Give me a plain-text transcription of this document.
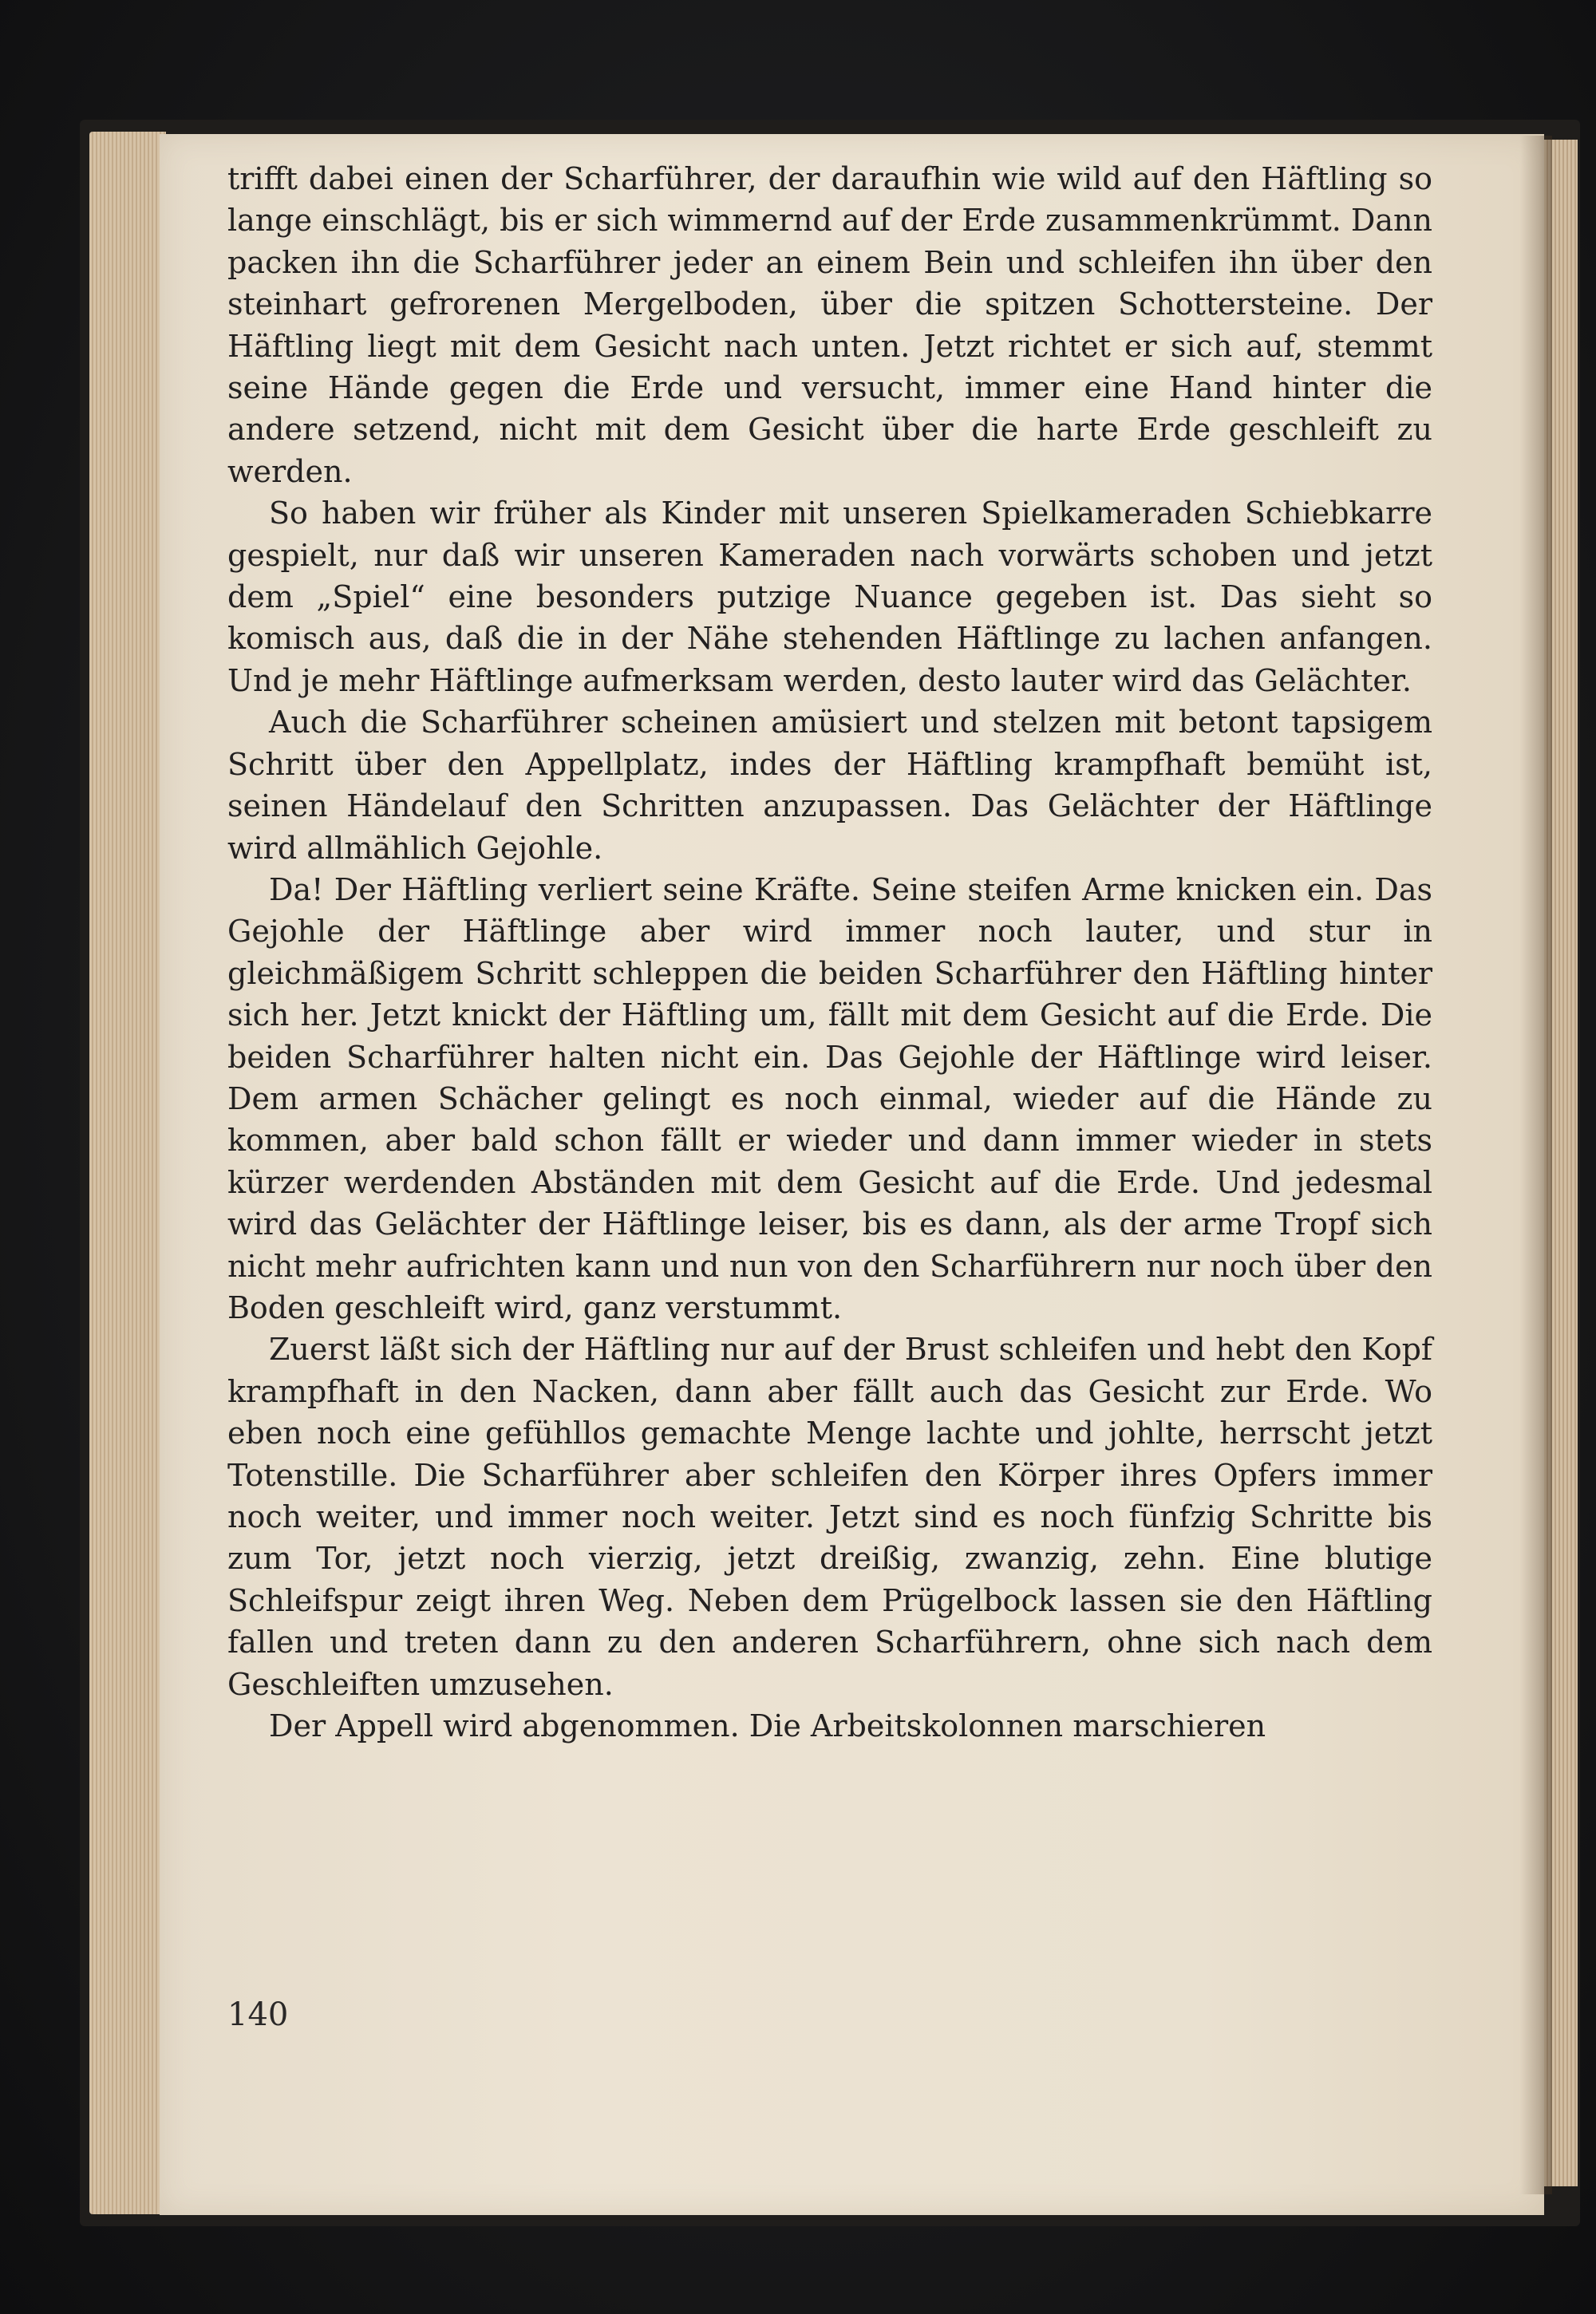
trifft dabei einen der Scharführer, der daraufhin wie wild auf den Häftling so lange einschlägt, bis er sich wimmernd auf der Erde zusammenkrümmt. Dann packen ihn die Scharführer jeder an einem Bein und schleifen ihn über den steinhart gefrorenen Mergelboden, über die spitzen Schottersteine. Der Häftling liegt mit dem Gesicht nach unten. Jetzt richtet er sich auf, stemmt seine Hände gegen die Erde und versucht, immer eine Hand hinter die andere setzend, nicht mit dem Gesicht über die harte Erde geschleift zu werden.

So haben wir früher als Kinder mit unseren Spielkameraden Schiebkarre gespielt, nur daß wir unseren Kameraden nach vorwärts schoben und jetzt dem „Spiel“ eine besonders putzige Nuance gegeben ist. Das sieht so komisch aus, daß die in der Nähe stehenden Häftlinge zu lachen anfangen. Und je mehr Häftlinge aufmerksam werden, desto lauter wird das Gelächter.

Auch die Scharführer scheinen amüsiert und stelzen mit betont tapsigem Schritt über den Appellplatz, indes der Häftling krampfhaft bemüht ist, seinen Händelauf den Schritten anzupassen. Das Gelächter der Häftlinge wird allmählich Gejohle.

Da! Der Häftling verliert seine Kräfte. Seine steifen Arme knicken ein. Das Gejohle der Häftlinge aber wird immer noch lauter, und stur in gleichmäßigem Schritt schleppen die beiden Scharführer den Häftling hinter sich her. Jetzt knickt der Häftling um, fällt mit dem Gesicht auf die Erde. Die beiden Scharführer halten nicht ein. Das Gejohle der Häftlinge wird leiser. Dem armen Schächer gelingt es noch einmal, wieder auf die Hände zu kommen, aber bald schon fällt er wieder und dann immer wieder in stets kürzer werdenden Abständen mit dem Gesicht auf die Erde. Und jedesmal wird das Gelächter der Häftlinge leiser, bis es dann, als der arme Tropf sich nicht mehr aufrichten kann und nun von den Scharführern nur noch über den Boden geschleift wird, ganz verstummt.

Zuerst läßt sich der Häftling nur auf der Brust schleifen und hebt den Kopf krampfhaft in den Nacken, dann aber fällt auch das Gesicht zur Erde. Wo eben noch eine gefühllos gemachte Menge lachte und johlte, herrscht jetzt Totenstille. Die Scharführer aber schleifen den Körper ihres Opfers immer noch weiter, und immer noch weiter. Jetzt sind es noch fünfzig Schritte bis zum Tor, jetzt noch vierzig, jetzt dreißig, zwanzig, zehn. Eine blutige Schleifspur zeigt ihren Weg. Neben dem Prügelbock lassen sie den Häftling fallen und treten dann zu den anderen Scharführern, ohne sich nach dem Geschleiften umzusehen.

Der Appell wird abgenommen. Die Arbeitskolonnen marschieren

140
